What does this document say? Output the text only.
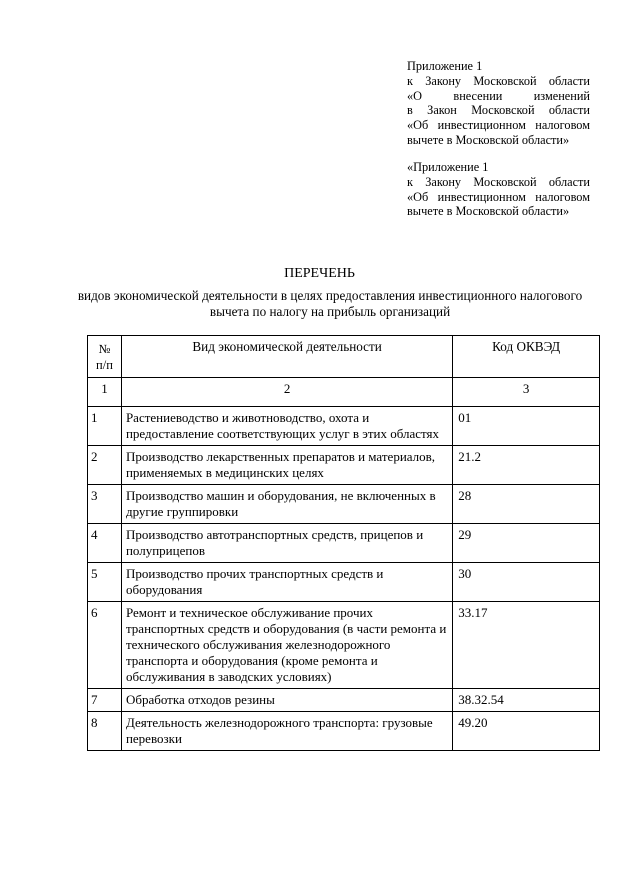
Приложение 1
к Закону Московской области
«О внесении изменений
в Закон Московской области
«Об инвестиционном налоговом
вычете в Московской области»
«Приложение 1
к Закону Московской области
«Об инвестиционном налоговом
вычете в Московской области»
ПЕРЕЧЕНЬ
видов экономической деятельности в целях предоставления инвестиционного налогового вычета по налогу на прибыль организаций
№ п/п	Вид экономической деятельности	Код ОКВЭД
1	2	3
1	Растениеводство и животноводство, охота и предоставление соответствующих услуг в этих областях	01
2	Производство лекарственных препаратов и материалов, применяемых в медицинских целях	21.2
3	Производство машин и оборудования, не включенных в другие группировки	28
4	Производство автотранспортных средств, прицепов и полуприцепов	29
5	Производство прочих транспортных средств и оборудования	30
6	Ремонт и техническое обслуживание прочих транспортных средств и оборудования (в части ремонта и технического обслуживания железнодорожного транспорта и оборудования (кроме ремонта и обслуживания в заводских условиях)	33.17
7	Обработка отходов резины	38.32.54
8	Деятельность железнодорожного транспорта: грузовые перевозки	49.20
